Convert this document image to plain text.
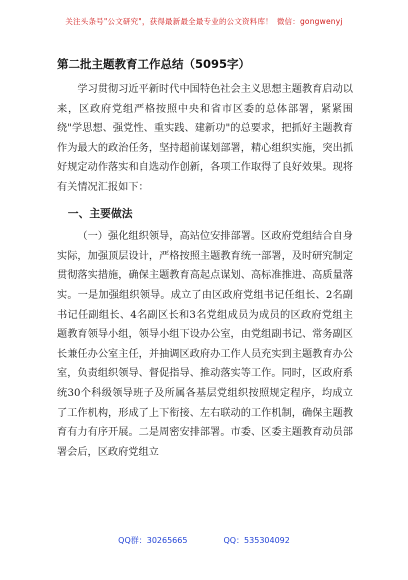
关注头条号"公文研究"，获得最新最全最专业的公文资料库！ 微信：gongwenyj
第二批主题教育工作总结（5095字）

学习贯彻习近平新时代中国特色社会主义思想主题教育启动以来，区政府党组严格按照中央和省市区委的总体部署，紧紧围绕"学思想、强党性、重实践、建新功"的总要求，把抓好主题教育作为最大的政治任务，坚持超前谋划部署，精心组织实施，突出抓好规定动作落实和自选动作创新，各项工作取得了良好效果。现将有关情况汇报如下：

一、主要做法

（一）强化组织领导，高站位安排部署。区政府党组结合自身实际，加强顶层设计，严格按照主题教育统一部署，及时研究制定贯彻落实措施，确保主题教育高起点谋划、高标准推进、高质量落实。一是加强组织领导。成立了由区政府党组书记任组长、2名副书记任副组长、4名副区长和3名党组成员为成员的区政府党组主题教育领导小组，领导小组下设办公室，由党组副书记、常务副区长兼任办公室主任，并抽调区政府办工作人员充实到主题教育办公室，负责组织领导、督促指导、推动落实等工作。同时，区政府系统30个科级领导班子及所属各基层党组织按照规定程序，均成立了工作机构，形成了上下衔接、左右联动的工作机制，确保主题教育有力有序开展。二是周密安排部署。市委、区委主题教育动员部署会后，区政府党组立

QQ群：30265665	QQ：535304092
